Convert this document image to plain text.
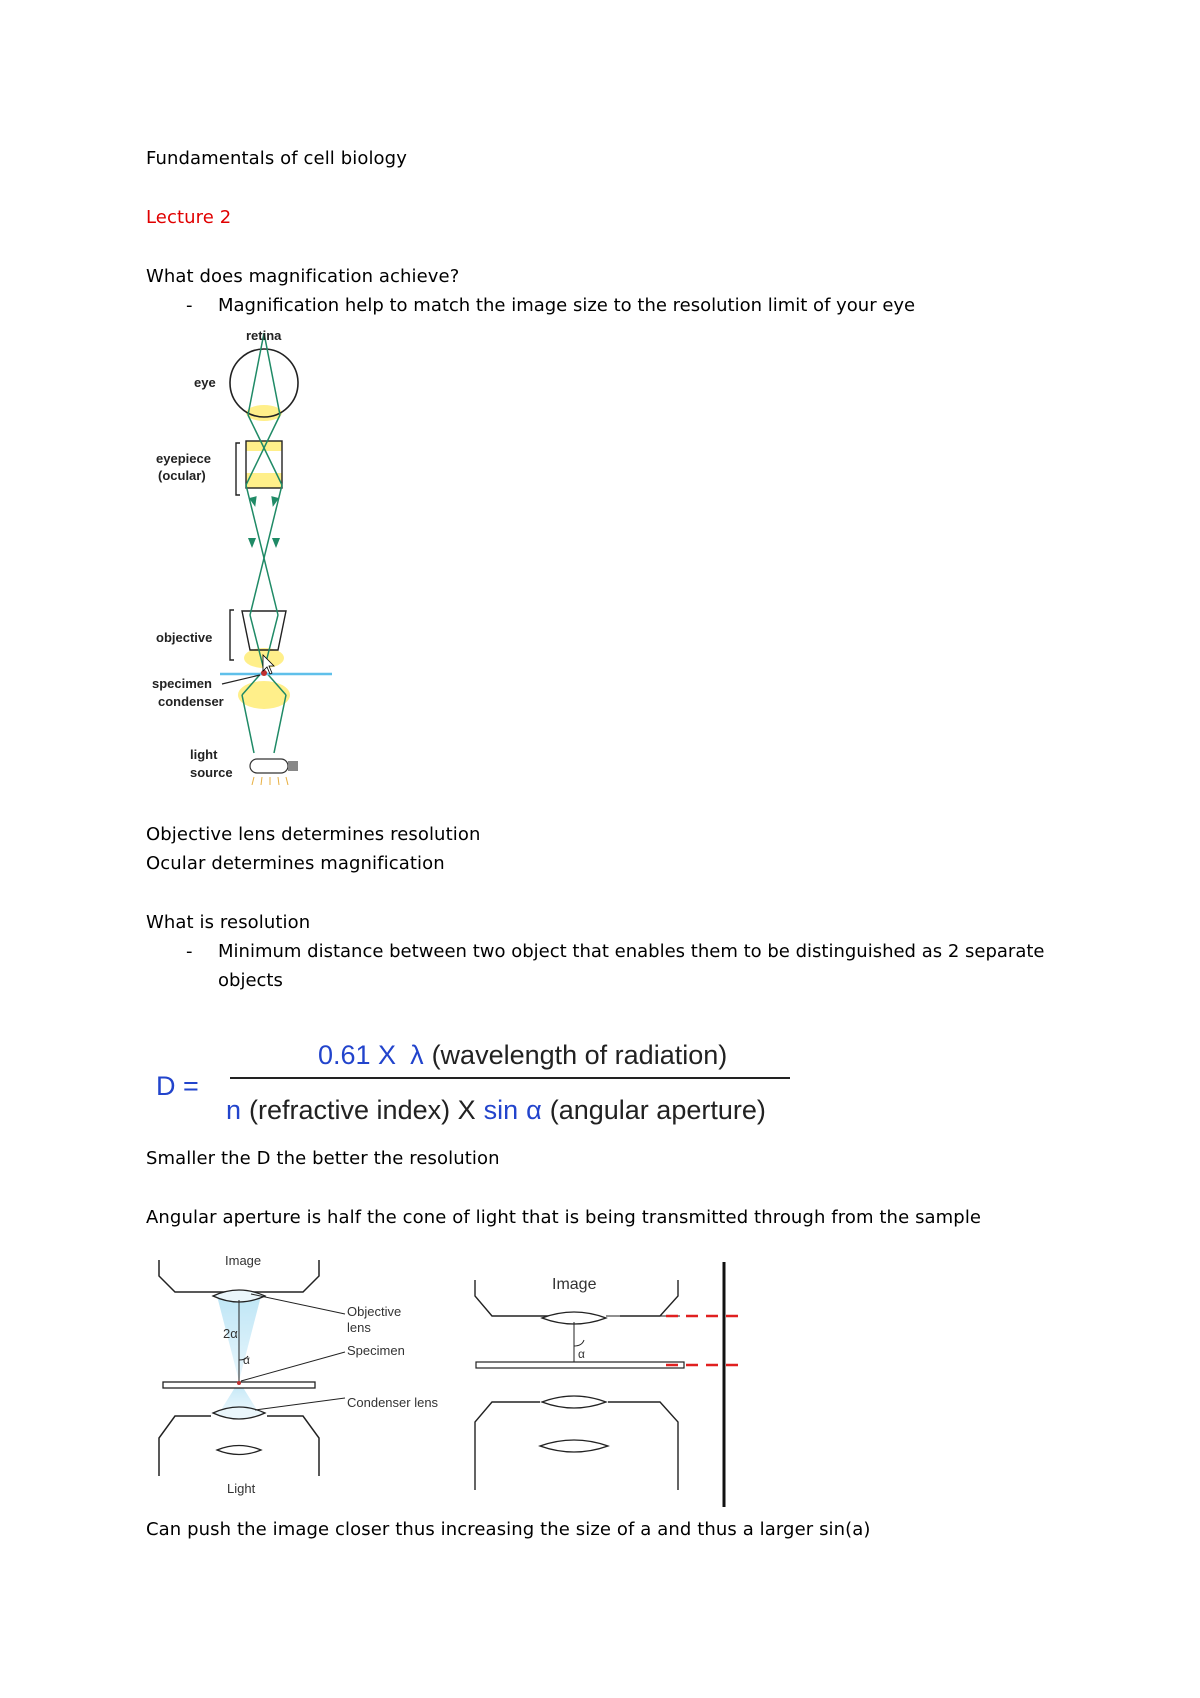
Fundamentals of cell biology
Lecture 2
What does magnification achieve?
- Magnification help to match the image size to the resolution limit of your eye
retina
eye
eyepiece
(ocular)
objective
specimen
condenser
light
source
Objective lens determines resolution
Ocular determines magnification
What is resolution
- Minimum distance between two object that enables them to be distinguished as 2 separate
objects
D =
0.61 X λ (wavelength of radiation)
n (refractive index) X sin α (angular aperture)
Smaller the D the better the resolution
Angular aperture is half the cone of light that is being transmitted through from the sample
Image
Objective
lens
2α
α
Specimen
Condenser lens
Light
Image
α
Can push the image closer thus increasing the size of a and thus a larger sin(a)
